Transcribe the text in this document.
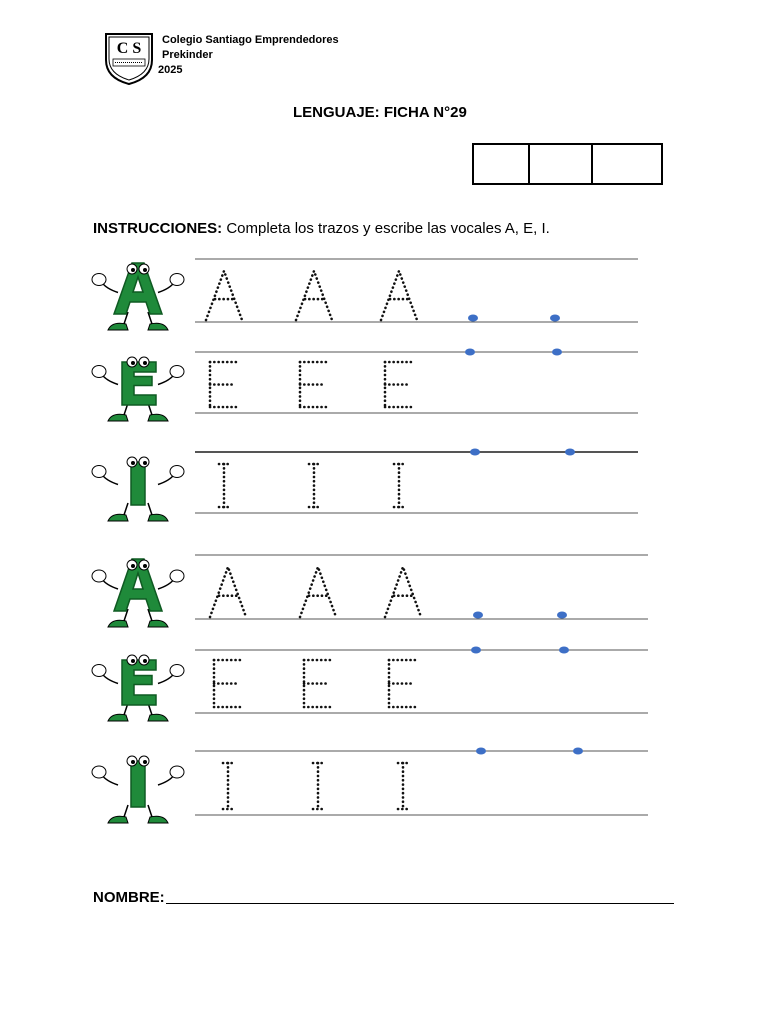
C S Colegio Santiago Emprendedores
Prekinder
2025
LENGUAJE: FICHA N°29
INSTRUCCIONES: Completa los trazos y escribe las vocales A, E, I.
NOMBRE:
